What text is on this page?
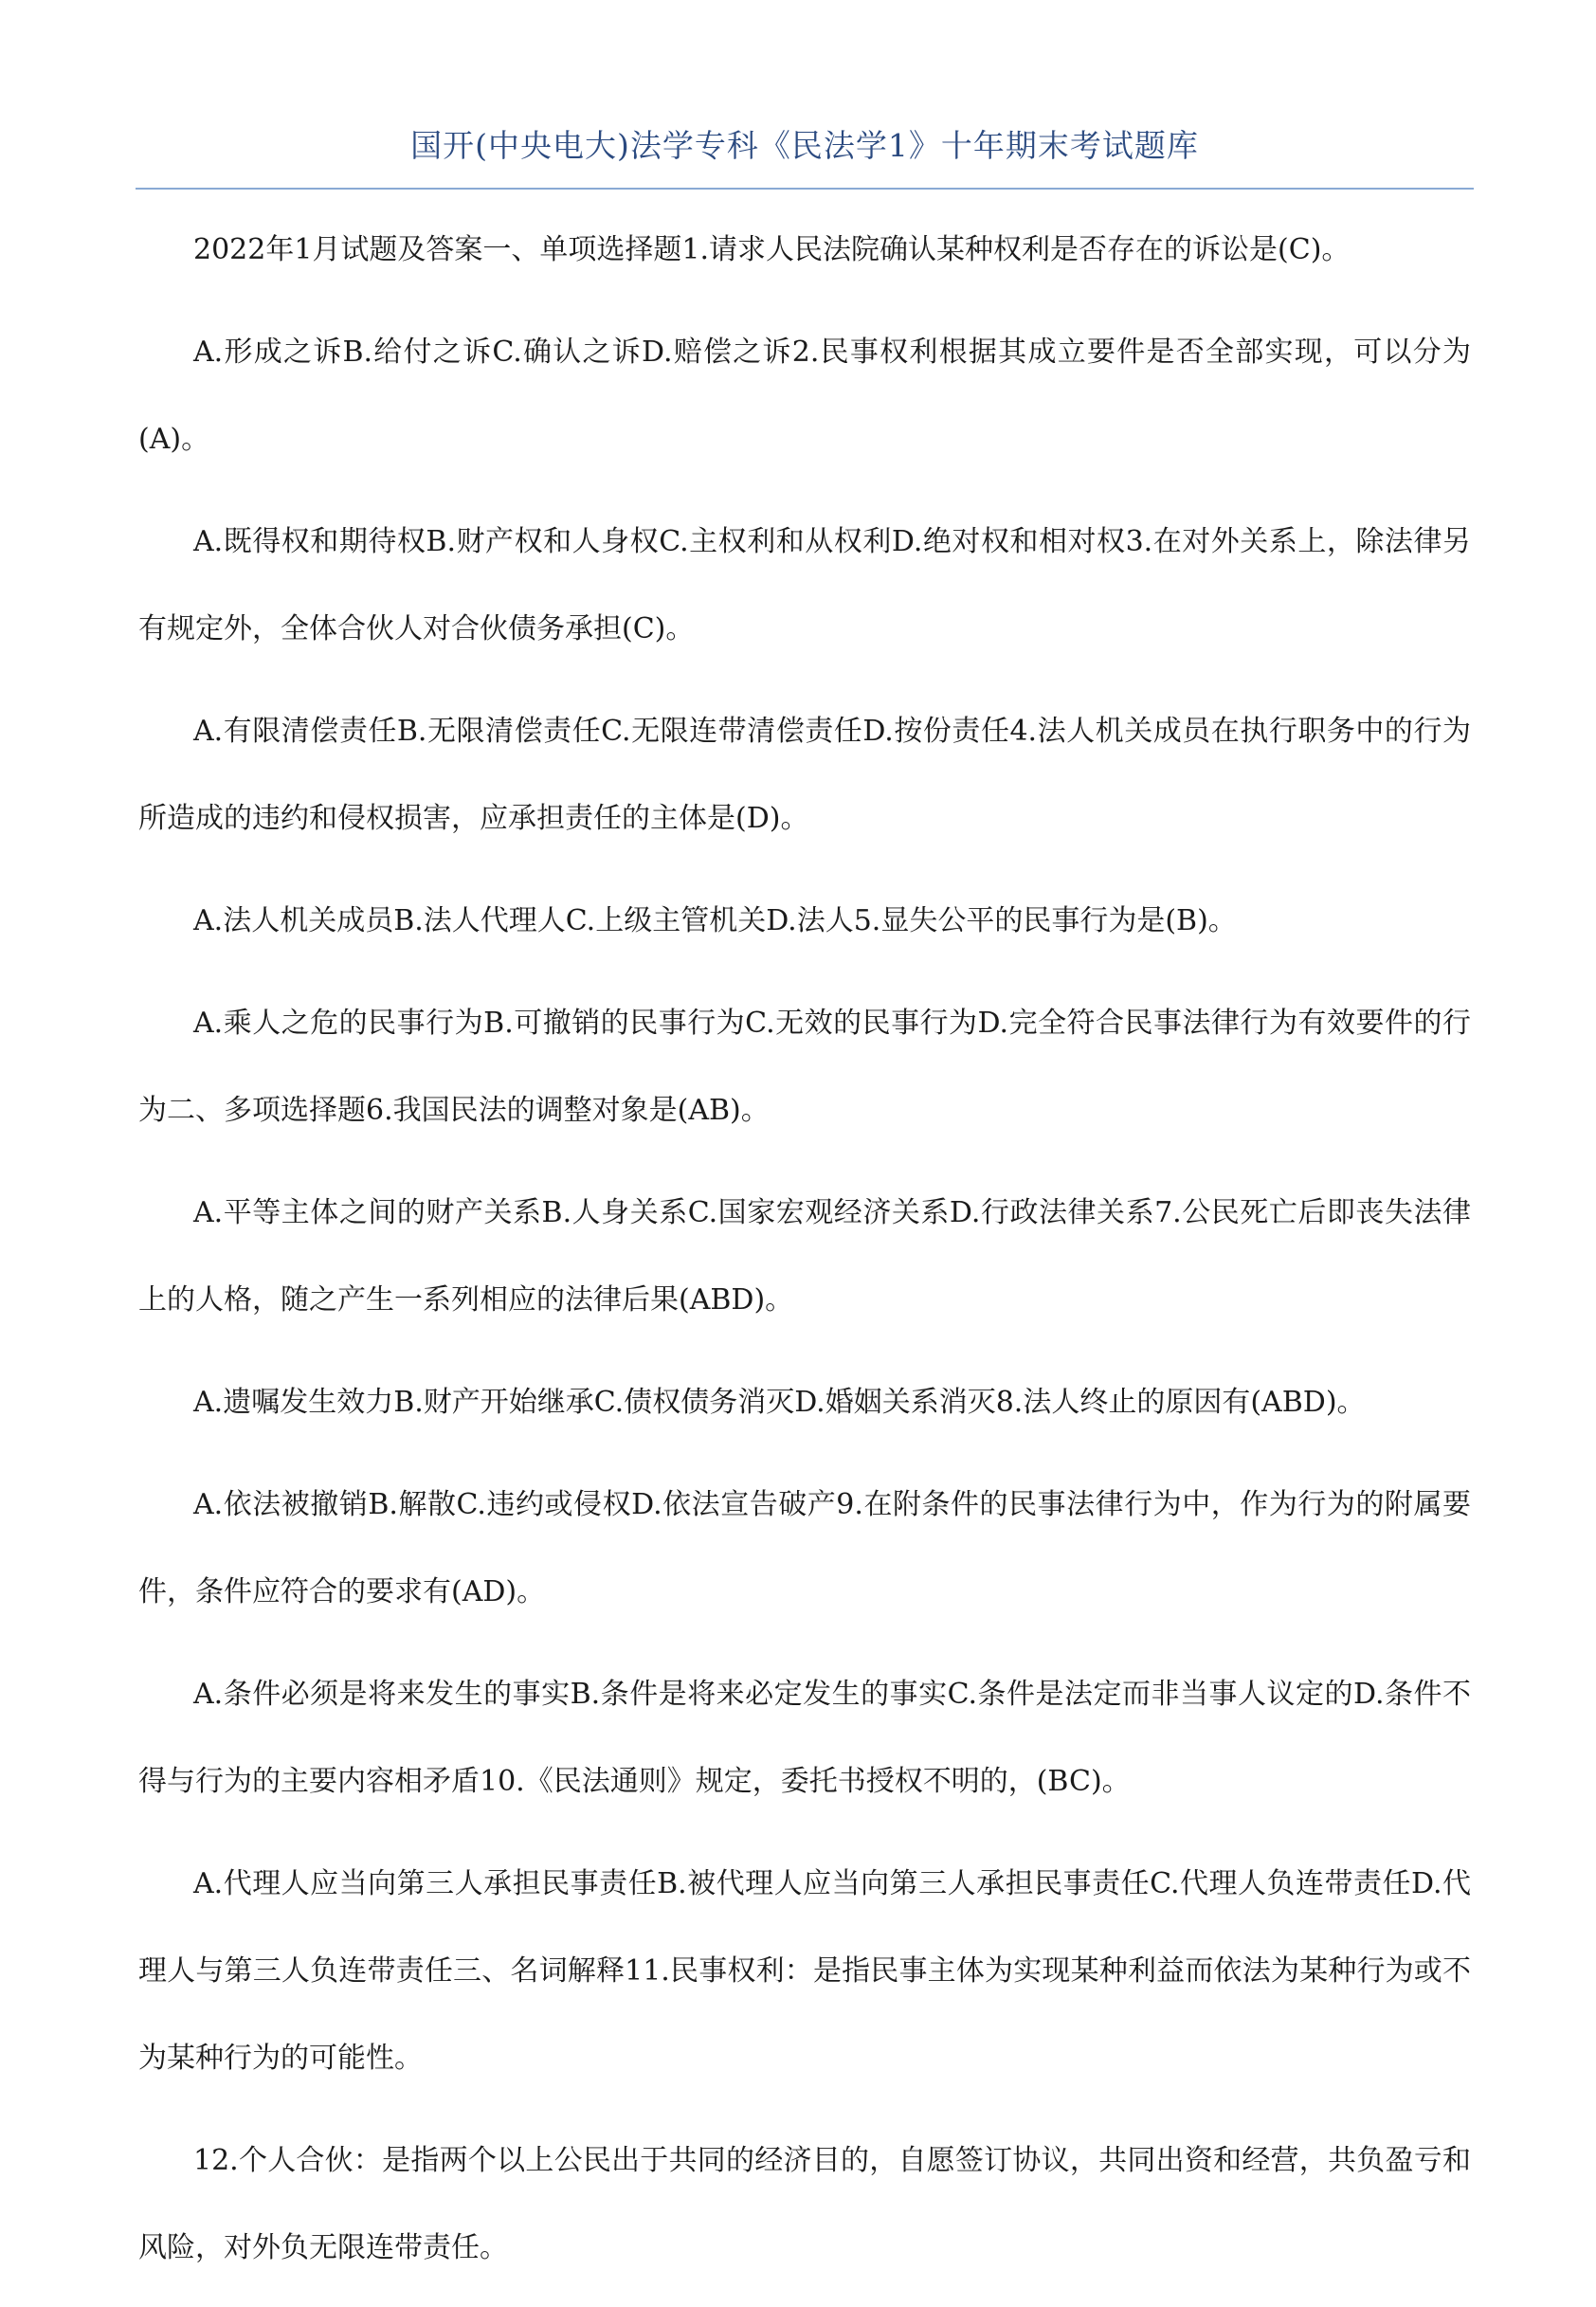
国开(中央电大)法学专科《民法学1》十年期末考试题库

2022年1月试题及答案一、单项选择题1.请求人民法院确认某种权利是否存在的诉讼是(C)。

A.形成之诉B.给付之诉C.确认之诉D.赔偿之诉2.民事权利根据其成立要件是否全部实现，可以分为(A)。

A.既得权和期待权B.财产权和人身权C.主权利和从权利D.绝对权和相对权3.在对外关系上，除法律另有规定外，全体合伙人对合伙债务承担(C)。

A.有限清偿责任B.无限清偿责任C.无限连带清偿责任D.按份责任4.法人机关成员在执行职务中的行为所造成的违约和侵权损害，应承担责任的主体是(D)。

A.法人机关成员B.法人代理人C.上级主管机关D.法人5.显失公平的民事行为是(B)。

A.乘人之危的民事行为B.可撤销的民事行为C.无效的民事行为D.完全符合民事法律行为有效要件的行为二、多项选择题6.我国民法的调整对象是(AB)。

A.平等主体之间的财产关系B.人身关系C.国家宏观经济关系D.行政法律关系7.公民死亡后即丧失法律上的人格，随之产生一系列相应的法律后果(ABD)。

A.遗嘱发生效力B.财产开始继承C.债权债务消灭D.婚姻关系消灭8.法人终止的原因有(ABD)。

A.依法被撤销B.解散C.违约或侵权D.依法宣告破产9.在附条件的民事法律行为中，作为行为的附属要件，条件应符合的要求有(AD)。

A.条件必须是将来发生的事实B.条件是将来必定发生的事实C.条件是法定而非当事人议定的D.条件不得与行为的主要内容相矛盾10.《民法通则》规定，委托书授权不明的，(BC)。

A.代理人应当向第三人承担民事责任B.被代理人应当向第三人承担民事责任C.代理人负连带责任D.代理人与第三人负连带责任三、名词解释11.民事权利：是指民事主体为实现某种利益而依法为某种行为或不为某种行为的可能性。

12.个人合伙：是指两个以上公民出于共同的经济目的，自愿签订协议，共同出资和经营，共负盈亏和风险，对外负无限连带责任。
